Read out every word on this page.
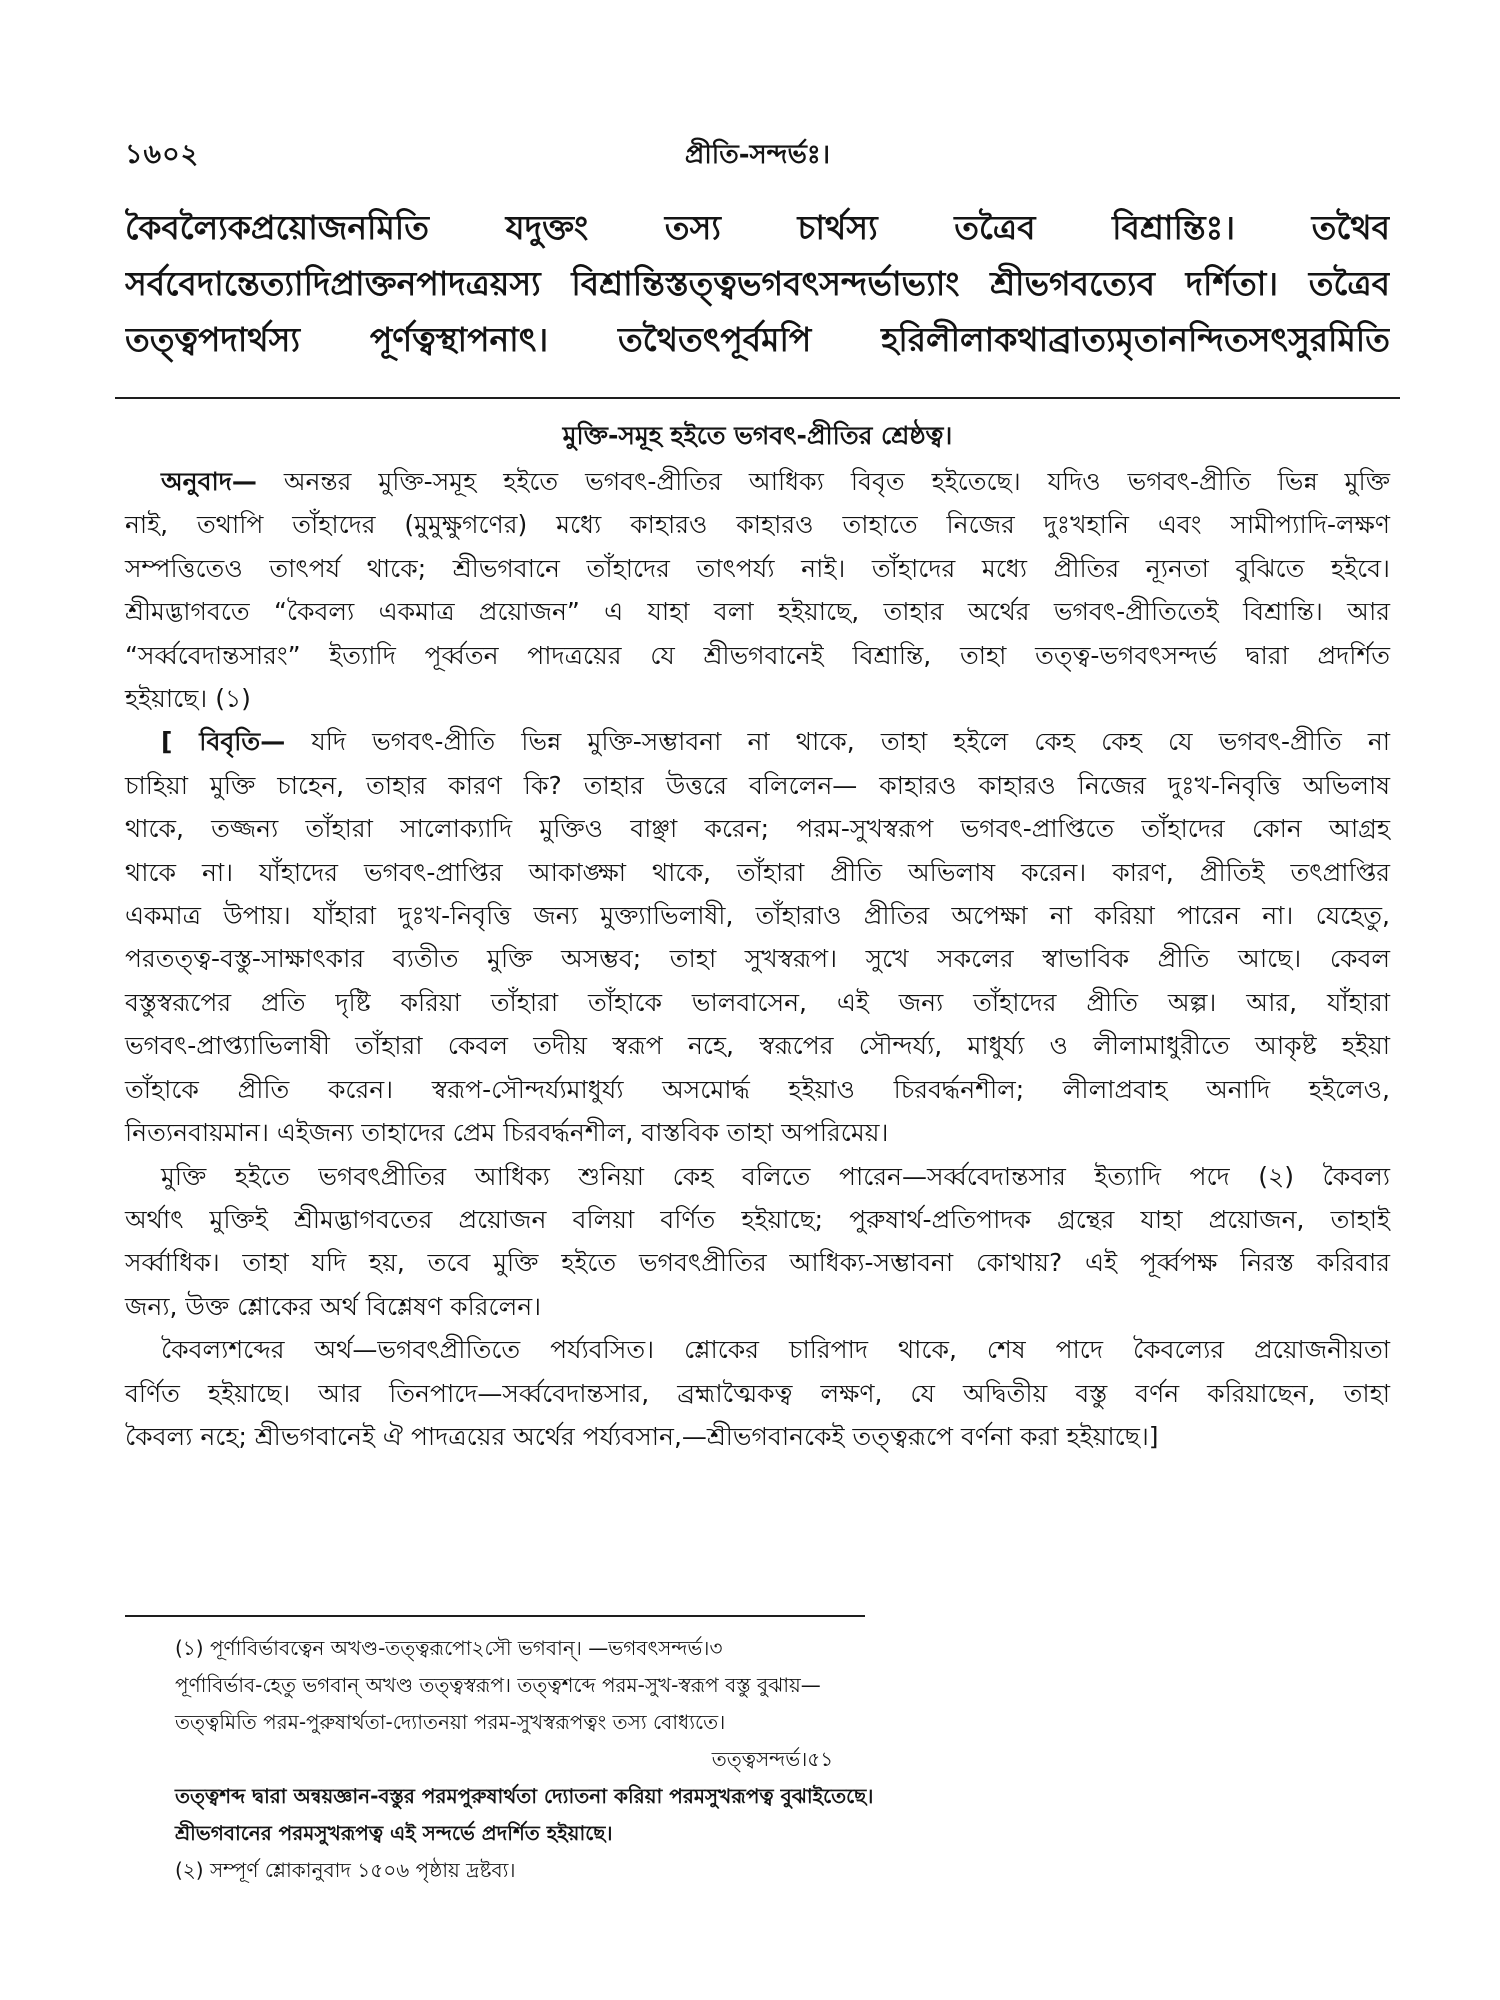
১৬০২	প্রীতি-সন্দর্ভঃ।
কৈবল্যৈকপ্রয়োজনমিতি যদুক্তং তস্য চার্থস্য তত্রৈব বিশ্রান্তিঃ। তথৈব
সর্ববেদান্তেত্যাদিপ্রাক্তনপাদত্রয়স্য বিশ্রান্তিস্তত্ত্বভগবৎসন্দর্ভাভ্যাং শ্রীভগবত্যেব দর্শিতা। তত্রৈব
তত্ত্বপদার্থস্য পূর্ণত্বস্থাপনাৎ। তথৈতৎপূর্বমপি হরিলীলাকথাব্রাত্যমৃতানন্দিতসৎসুরমিতি
মুক্তি-সমূহ হইতে ভগবৎ-প্রীতির শ্রেষ্ঠত্ব।
অনুবাদ— অনন্তর মুক্তি-সমূহ হইতে ভগবৎ-প্রীতির আধিক্য বিবৃত হইতেছে। যদিও ভগবৎ-প্রীতি ভিন্ন মুক্তি
নাই, তথাপি তাঁহাদের (মুমুক্ষুগণের) মধ্যে কাহারও কাহারও তাহাতে নিজের দুঃখহানি এবং সামীপ্যাদি-লক্ষণ
সম্পত্তিতেও তাৎপর্য থাকে; শ্রীভগবানে তাঁহাদের তাৎপর্য্য নাই। তাঁহাদের মধ্যে প্রীতির ন্যূনতা বুঝিতে হইবে।
শ্রীমদ্ভাগবতে “কৈবল্য একমাত্র প্রয়োজন” এ যাহা বলা হইয়াছে, তাহার অর্থের ভগবৎ-প্রীতিতেই বিশ্রান্তি। আর
“সর্ব্ববেদান্তসারং” ইত্যাদি পূর্ব্বতন পাদত্রয়ের যে শ্রীভগবানেই বিশ্রান্তি, তাহা তত্ত্ব-ভগবৎসন্দর্ভ দ্বারা প্রদর্শিত
হইয়াছে। (১)
[ বিবৃতি— যদি ভগবৎ-প্রীতি ভিন্ন মুক্তি-সম্ভাবনা না থাকে, তাহা হইলে কেহ কেহ যে ভগবৎ-প্রীতি না
চাহিয়া মুক্তি চাহেন, তাহার কারণ কি? তাহার উত্তরে বলিলেন— কাহারও কাহারও নিজের দুঃখ-নিবৃত্তি অভিলাষ
থাকে, তজ্জন্য তাঁহারা সালোক্যাদি মুক্তিও বাঞ্ছা করেন; পরম-সুখস্বরূপ ভগবৎ-প্রাপ্তিতে তাঁহাদের কোন আগ্রহ
থাকে না। যাঁহাদের ভগবৎ-প্রাপ্তির আকাঙ্ক্ষা থাকে, তাঁহারা প্রীতি অভিলাষ করেন। কারণ, প্রীতিই তৎপ্রাপ্তির
একমাত্র উপায়। যাঁহারা দুঃখ-নিবৃত্তি জন্য মুক্ত্যাভিলাষী, তাঁহারাও প্রীতির অপেক্ষা না করিয়া পারেন না। যেহেতু,
পরতত্ত্ব-বস্তু-সাক্ষাৎকার ব্যতীত মুক্তি অসম্ভব; তাহা সুখস্বরূপ। সুখে সকলের স্বাভাবিক প্রীতি আছে। কেবল
বস্তুস্বরূপের প্রতি দৃষ্টি করিয়া তাঁহারা তাঁহাকে ভালবাসেন, এই জন্য তাঁহাদের প্রীতি অল্প। আর, যাঁহারা
ভগবৎ-প্রাপ্ত্যাভিলাষী তাঁহারা কেবল তদীয় স্বরূপ নহে, স্বরূপের সৌন্দর্য্য, মাধুর্য্য ও লীলামাধুরীতে আকৃষ্ট হইয়া
তাঁহাকে প্রীতি করেন। স্বরূপ-সৌন্দর্য্যমাধুর্য্য অসমোর্দ্ধ হইয়াও চিরবর্দ্ধনশীল; লীলাপ্রবাহ অনাদি হইলেও,
নিত্যনবায়মান। এইজন্য তাহাদের প্রেম চিরবর্দ্ধনশীল, বাস্তবিক তাহা অপরিমেয়।
মুক্তি হইতে ভগবৎপ্রীতির আধিক্য শুনিয়া কেহ বলিতে পারেন—সর্ব্ববেদান্তসার ইত্যাদি পদে (২) কৈবল্য
অর্থাৎ মুক্তিই শ্রীমদ্ভাগবতের প্রয়োজন বলিয়া বর্ণিত হইয়াছে; পুরুষার্থ-প্রতিপাদক গ্রন্থের যাহা প্রয়োজন, তাহাই
সর্ব্বাধিক। তাহা যদি হয়, তবে মুক্তি হইতে ভগবৎপ্রীতির আধিক্য-সম্ভাবনা কোথায়? এই পূর্ব্বপক্ষ নিরস্ত করিবার
জন্য, উক্ত শ্লোকের অর্থ বিশ্লেষণ করিলেন।
কৈবল্যশব্দের অর্থ—ভগবৎপ্রীতিতে পর্য্যবসিত। শ্লোকের চারিপাদ থাকে, শেষ পাদে কৈবল্যের প্রয়োজনীয়তা
বর্ণিত হইয়াছে। আর তিনপাদে—সর্ব্ববেদান্তসার, ব্রহ্মাত্মৈকত্ব লক্ষণ, যে অদ্বিতীয় বস্তু বর্ণন করিয়াছেন, তাহা
কৈবল্য নহে; শ্রীভগবানেই ঐ পাদত্রয়ের অর্থের পর্য্যবসান,—শ্রীভগবানকেই তত্ত্বরূপে বর্ণনা করা হইয়াছে।]
(১) পূর্ণাবির্ভাবত্বেন অখণ্ড-তত্ত্বরূপো২সৌ ভগবান্। —ভগবৎসন্দর্ভ।৩
পূর্ণাবির্ভাব-হেতু ভগবান্ অখণ্ড তত্ত্বস্বরূপ। তত্ত্বশব্দে পরম-সুখ-স্বরূপ বস্তু বুঝায়—
তত্ত্বমিতি পরম-পুরুষার্থতা-দ্যোতনয়া পরম-সুখস্বরূপত্বং তস্য বোধ্যতে।
তত্ত্বসন্দর্ভ।৫১
তত্ত্বশব্দ দ্বারা অন্বয়জ্ঞান-বস্তুর পরমপুরুষার্থতা দ্যোতনা করিয়া পরমসুখরূপত্ব বুঝাইতেছে।
শ্রীভগবানের পরমসুখরূপত্ব এই সন্দর্ভে প্রদর্শিত হইয়াছে।
(২) সম্পূর্ণ শ্লোকানুবাদ ১৫০৬ পৃষ্ঠায় দ্রষ্টব্য।
